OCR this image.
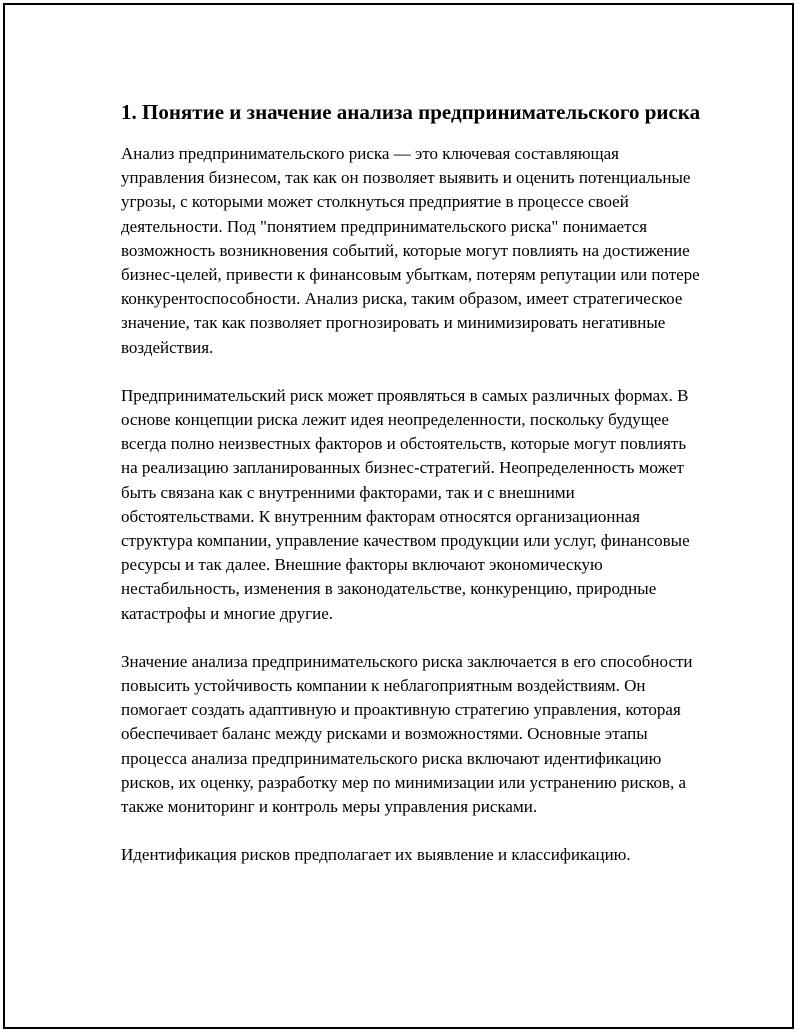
1. Понятие и значение анализа предпринимательского риска

Анализ предпринимательского риска — это ключевая составляющая управления бизнесом, так как он позволяет выявить и оценить потенциальные угрозы, с которыми может столкнуться предприятие в процессе своей деятельности. Под "понятием предпринимательского риска" понимается возможность возникновения событий, которые могут повлиять на достижение бизнес-целей, привести к финансовым убыткам, потерям репутации или потере конкурентоспособности. Анализ риска, таким образом, имеет стратегическое значение, так как позволяет прогнозировать и минимизировать негативные воздействия.

Предпринимательский риск может проявляться в самых различных формах. В основе концепции риска лежит идея неопределенности, поскольку будущее всегда полно неизвестных факторов и обстоятельств, которые могут повлиять на реализацию запланированных бизнес-стратегий. Неопределенность может быть связана как с внутренними факторами, так и с внешними обстоятельствами. К внутренним факторам относятся организационная структура компании, управление качеством продукции или услуг, финансовые ресурсы и так далее. Внешние факторы включают экономическую нестабильность, изменения в законодательстве, конкуренцию, природные катастрофы и многие другие.

Значение анализа предпринимательского риска заключается в его способности повысить устойчивость компании к неблагоприятным воздействиям. Он помогает создать адаптивную и проактивную стратегию управления, которая обеспечивает баланс между рисками и возможностями. Основные этапы процесса анализа предпринимательского риска включают идентификацию рисков, их оценку, разработку мер по минимизации или устранению рисков, а также мониторинг и контроль меры управления рисками.

Идентификация рисков предполагает их выявление и классификацию.
